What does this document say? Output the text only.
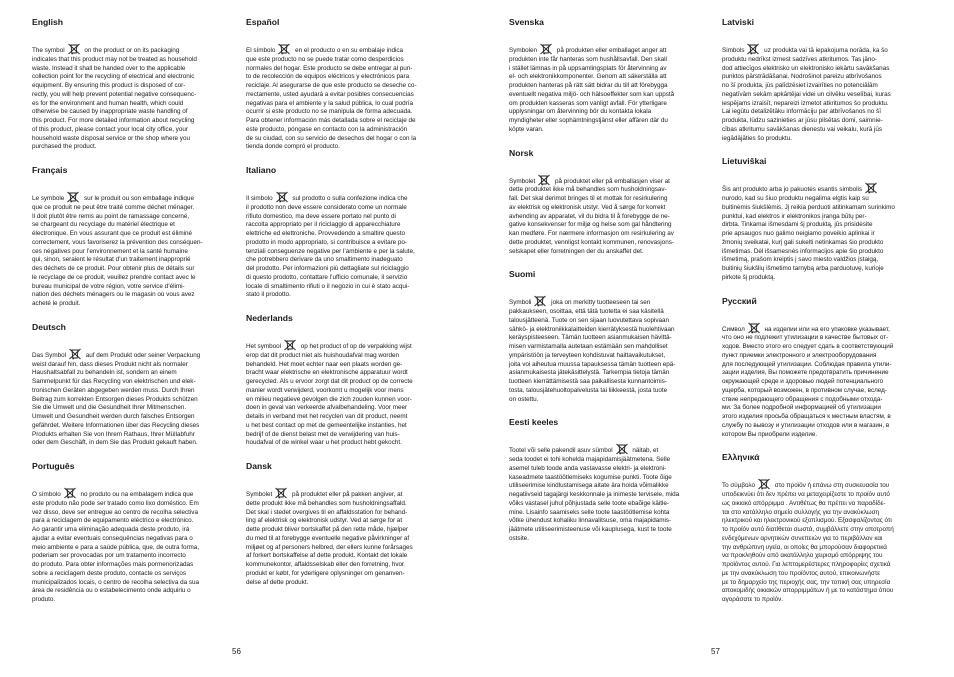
English

The symbol	on the product or on its packaging
indicates that this product may not be treated as household
waste. Instead it shall be handed over to the applicable
collection point for the recycling of electrical and electronic
equipment. By ensuring this product is disposed of cor-
rectly, you will help prevent potential negative consequenc-
es for the environment and human health, which could
otherwise be caused by inappropriate waste handling of
this product. For more detailed information about recycling
of this product, please contact your local city office, your
household waste disposal service or the shop where you
purchased the product.

Français

Le symbole	sur le produit ou son emballage indique
que ce produit ne peut être traité comme déchet ménager.
Il doit plutôt être remis au point de ramassage concerné,
se chargeant du recyclage du matériel électrique et
électronique. En vous assurant que ce produit est éliminé
correctement, vous favoriserez la prévention des conséquen-
ces négatives pour l’environnement et la santé humaine
qui, sinon, seraient le résultat d’un traitement inapproprié
des déchets de ce produit. Pour obtenir plus de détails sur
le recyclage de ce produit, veuillez prendre contact avec le
bureau municipal de votre région, votre service d’élimi-
nation des déchets ménagers ou le magasin où vous avez
acheté le produit.

Deutsch

Das Symbol	auf dem Produkt oder seiner Verpackung
weist darauf hin, dass dieses Produkt nicht als normaler
Haushaltsabfall zu behandeln ist, sondern an einem
Sammelpunkt für das Recycling von elektrischen und elek-
tronischen Geräten abgegeben werden muss. Durch Ihren
Beitrag zum korrekten Entsorgen dieses Produkts schützen
Sie die Umwelt und die Gesundheit Ihrer Mitmenschen.
Umwelt und Gesundheit werden durch falsches Entsorgen
gefährdet. Weitere Informationen über das Recycling dieses
Produkts erhalten Sie von Ihrem Rathaus, Ihrer Müllabfuhr
oder dem Geschäft, in dem Sie das Produkt gekauft haben.

Português

O símbolo	no produto ou na embalagem indica que
este produto não pode ser tratado como lixo doméstico. Em
vez disso, deve ser entregue ao centro de recolha selectiva
para a reciclagem de equipamento eléctrico e electrónico.
Ao garantir uma eliminação adequada deste produto, irá
ajudar a evitar eventuais consequências negativas para o
meio ambiente e para a saúde pública, que, de outra forma,
poderiam ser provocadas por um tratamento incorrecto
do produto. Para obter informações mais pormenorizadas
sobre a reciclagem deste produto, contacte os serviços
municipalizados locais, o centro de recolha selectiva da sua
área de residência ou o estabelecimento onde adquiriu o
produto.

Español

El símbolo	en el producto o en su embalaje indica
que este producto no se puede tratar como desperdicios
normales del hogar. Este producto se debe entregar al pun-
to de recolección de equipos eléctricos y electrónicos para
reciclaje. Al asegurarse de que este producto se deseche co-
rrectamente, usted ayudará a evitar posibles consecuencias
negativas para el ambiente y la salud pública, lo cual podría
ocurrir si este producto no se manipula de forma adecuada.
Para obtener información más detallada sobre el reciclaje de
este producto, póngase en contacto con la administración
de su ciudad, con su servicio de desechos del hogar o con la
tienda donde compró el producto.

Italiano

Il simbolo	sul prodotto o sulla confezione indica che
il prodotto non deve essere considerato come un normale
rifiuto domestico, ma deve essere portato nel punto di
raccolta appropriato per il riciclaggio di apparecchiature
elettriche ed elettroniche. Provvedendo a smaltire questo
prodotto in modo appropriato, si contribuisce a evitare po-
tenziali conseguenze negative per l’ambiente e per la salute,
che potrebbero derivare da uno smaltimento inadeguato
del prodotto. Per informazioni più dettagliate sul riciclaggio
di questo prodotto, contattare l’ufficio comunale, il servizio
locale di smaltimento rifiuti o il negozio in cui è stato acqui-
stato il prodotto.

Nederlands

Het symbool	op het product of op de verpakking wijst
erop dat dit product niet als huishoudafval mag worden
behandeld. Het moet echter naar een plaats worden ge-
bracht waar elektrische en elektronische apparatuur wordt
gerecycled. Als u ervoor zorgt dat dit product op de correcte
manier wordt verwijderd, voorkomt u mogelijk voor mens
en milieu negatieve gevolgen die zich zouden kunnen voor-
doen in geval van verkeerde afvalbehandeling. Voor meer
details in verband met het recyclen van dit product, neemt
u het best contact op met de gemeentelijke instanties, het
bedrijf of de dienst belast met de verwijdering van huis-
houdafval of de winkel waar u het product hebt gekocht.

Dansk

Symbolet	på produktet eller på pakken angiver, at
dette produkt ikke må behandles som husholdningsaffald.
Det skal i stedet overgives til en affaldsstation for behand-
ling af elektrisk og elektronisk udstyr. Ved at sørge for at
dette produkt bliver bortskaffet på den rette måde, hjælper
du med til at forebygge eventuelle negative påvirkninger af
miljøet og af personers helbred, der ellers kunne forårsages
af forkert bortskaffelse af dette produkt. Kontakt det lokale
kommunekontor, affaldsselskab eller den forretning, hvor
produkt er købt, for yderligere oplysninger om genanven-
delse af dette produkt.

Svenska

Symbolen	på produkten eller emballaget anger att
produkten inte får hanteras som hushållsavfall. Den skall
i stället lämnas in på uppsamlingsplats för återvinning av
el- och elektronikkomponenter. Genom att säkerställa att
produkten hanteras på rätt sätt bidrar du till att förebygga
eventuellt negativa miljö- och hälsoeffekter som kan uppstå
om produkten kasseras som vanligt avfall. För ytterligare
upplysningar om återvinning bör du kontakta lokala
myndigheter eller sophämtningstjänst eller affären där du
köpte varan.

Norsk

Symbolet	på produktet eller på emballasjen viser at
dette produktet ikke må behandles som husholdningsav-
fall. Det skal derimot bringes til et mottak for resirkulering
av elektrisk og elektronisk utstyr. Ved å sørge for korrekt
avhending av apparatet, vil du bidra til å forebygge de ne-
gative konsekvenser for miljø og helse som gal håndtering
kan medføre. For nærmere informasjon om resirkulering av
dette produktet, vennligst kontakt kommunen, renovasjons-
selskapet eller forretningen der du anskaffet det.

Suomi

Symboli	joka on merkitty tuotteeseen tai sen
pakkaukseen, osoittaa, että tätä tuotetta ei saa käsitellä
talousjätteenä. Tuote on sen sijaan luovutettava sopivaan
sähkö- ja elektroniikkalaitteiden kierrätyksestä huolehtivaan
keräyspisteeseen. Tämän tuotteen asianmukaisen hävittä-
misen varmistamalla autetaan estämään sen mahdolliset
ympäristöön ja terveyteen kohdistuvat haittavaikutukset,
joita voi aiheutua muussa tapauksessa tämän tuotteen epä-
asianmukaisesta jätekäsittelystä. Tarkempia tietoja tämän
tuotteen kierrättämisestä saa paikallisesta kunnantoimis-
tosta, talousjätehuoltopalvelusta tai liikkeestä, josta tuote
on ostettu.

Eesti keeles

Tootel või selle pakendil asuv sümbol	näitab, et
seda toodet ei tohi kohelda majapidamisjäätmetena. Selle
asemel tuleb toode anda vastavasse elektri- ja elektroni-
kaseadmete taastöötlemiseks kogumise punkti. Toote õige
utiliseerimise kindlustamisega aitate ära hoida võimalikke
negatiivseid tagajärgi keskkonnale ja inimeste tervisele, mida
võiks vastasel juhul põhjustada selle toote ebaõige käitle-
mine. Lisainfo saamiseks selle toote taastöötlemise kohta
võtke ühendust kohaliku linnavalitsuse, oma majapidamis-
jäätmete utiliseerimisteenuse või kauplusega, kust te toote
ostsite.

Latviski

Simbols	uz produkta vai tā iepakojuma norāda, ka šo
produktu nedrīkst izmest sadzīves atkritumos. Tas jāno-
dod attiecīgos elektrisko un elektronisko iekārtu savākšanas
punktos pārstrādāšanai. Nodrošinot pareizu atbrīvošanos
no šī produkta, jūs palīdzēsiet izvairīties no potenciālām
negatīvām sekām apkārtējai videi un cilvēku veselībai, kuras
iespējams izraisīt, nepareizi izmetot atkritumos šo produktu.
Lai iegūtu detalizētāku informāciju par atbrīvošanos no šī
produkta, lūdzu sazinieties ar jūsu pilsētas domi, saimnie-
cības atkritumu savākšanas dienestu vai veikalu, kurā jūs
iegādājāties šo produktu.

Lietuviškai

Šis ant produkto arba jo pakuotės esantis simbolis

nurodo, kad su šiuo produktu negalima elgtis kaip su
buitinėmis šiukšlėmis. Jį reikia perduoti atitinkamam surinkimo
punktui, kad elektros ir elektronikos įranga būtų per-
dirbta. Tinkamai išmesdami šį produktą, jūs prisidėsite
prie apsaugos nuo galimo neigiamo poveikio aplinkai ir
žmonių sveikatai, kurį gali sukelti netinkamas šio produkto
išmetimas. Dėl išsamesnės informacijos apie šio produkto
išmetimą, prašom kreiptis į savo miesto valdžios įstaigą,
buitinių šiukšlių išmetimo tarnybą arba parduotuvę, kurioje
pirkote šį produktą.

Русский

Символ	на изделии или на его упаковке указывает,
что оно не подлежит утилизации в качестве бытовых от-
ходов. Вместо этого его следует сдать в соответствующий
пункт приемки электронного и электрооборудования
для последующей утилизации. Соблюдая правила утили-
зации изделия, Вы поможете предотвратить причинение
окружающей среде и здоровью людей потенциального
ущерба, который возможен, в противном случае, вслед-
ствие непредающего обращения с подобными отхода-
ми. За более подробной информацией об утилизации
этого изделия просьба обращаться к местным властям, в
службу по вывозу и утилизации отходов или в магазин, в
котором Вы приобрели изделие.

Ελληνικά

Το σύμβολο	στο προϊόν ή επάνω στη συσκευασία του
υποδεικνύει ότι δεν πρέπει να μεταχειρίζεστε το προϊόν αυτό
ως οικιακό απόρριμμα . Αντιθέτως θα πρέπει να παραδίδε-
ται στο κατάλληλο σημείο συλλογής για την ανακύκλωση
ηλεκτρικού και ηλεκτρονικού εξοπλισμού. Εξασφαλίζοντας ότι
το προϊόν αυτό διατίθεται σωστά, συμβάλλετε στην αποτροπή
ενδεχόμενων αρνητικών συνεπειών για το περιβάλλον και
την ανθρώπινη υγεία, οι οποίες θα μπορούσαν διαφορετικά
να προκληθούν από ακατάλληλο χειρισμό απόρριψης του
προϊόντος αυτού. Για λεπτομερέστερες πληροφορίες σχετικά
με την ανακύκλωση του προϊόντος αυτού, επικοινωνήστε
με το δημαρχείο της περιοχής σας, την τοπική σας υπηρεσία
αποκομιδής οικιακών απορριμμάτων ή με το κατάστημα όπου
αγοράσατε το προϊόν.

56	57
